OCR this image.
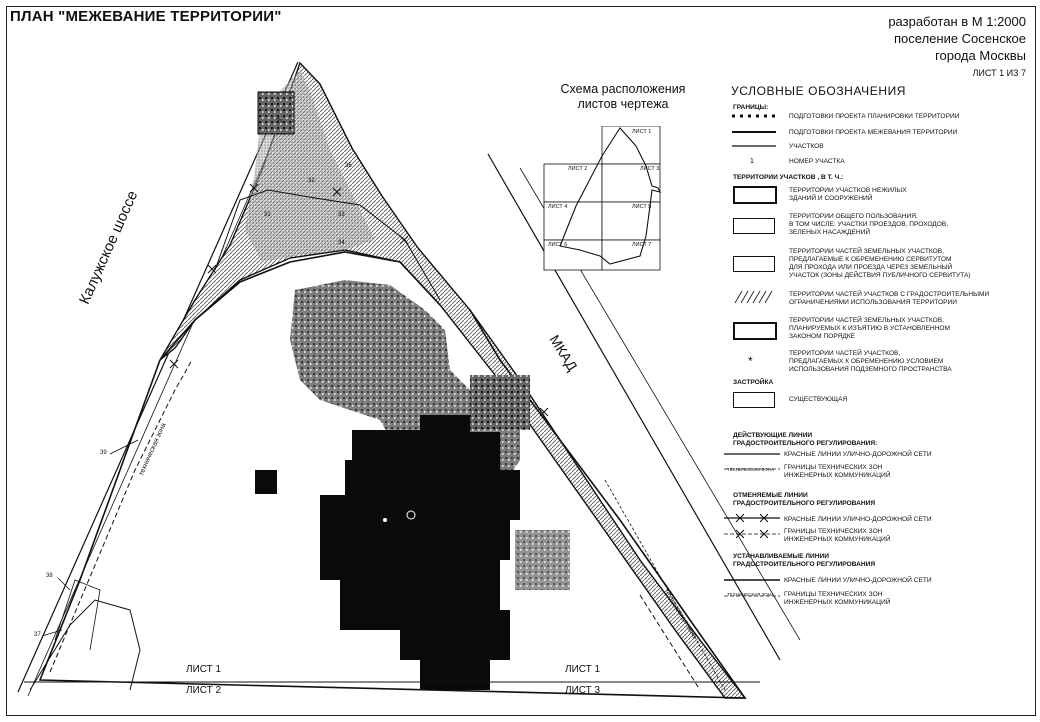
ПЛАН "МЕЖЕВАНИЕ ТЕРРИТОРИИ"	разработан в М 1:2000
поселение Сосенское
города Москвы
ЛИСТ 1 ИЗ 7
Калужское шоссе
МКАД
техническая зона
техническая зона
ЛИСТ 1
ЛИСТ 2
ЛИСТ 1
ЛИСТ 3
31
32
33
34
35
36
37
38
39
Схема расположения
листов чертежа
ЛИСТ 1
ЛИСТ 2	ЛИСТ 3
ЛИСТ 4	ЛИСТ 5
ЛИСТ 6	ЛИСТ 7
УСЛОВНЫЕ ОБОЗНАЧЕНИЯ
ГРАНИЦЫ:
1
ПОДГОТОВКИ ПРОЕКТА ПЛАНИРОВКИ ТЕРРИТОРИИ
ПОДГОТОВКИ ПРОЕКТА МЕЖЕВАНИЯ ТЕРРИТОРИИ
УЧАСТКОВ
НОМЕР УЧАСТКА
ТЕРРИТОРИИ УЧАСТКОВ , В Т. Ч.:
ТЕРРИТОРИИ УЧАСТКОВ НЕЖИЛЫХ
ЗДАНИЙ И СООРУЖЕНИЙ
ТЕРРИТОРИИ ОБЩЕГО ПОЛЬЗОВАНИЯ,
В ТОМ ЧИСЛЕ: УЧАСТКИ ПРОЕЗДОВ, ПРОХОДОВ,
ЗЕЛЕНЫХ НАСАЖДЕНИЙ
ТЕРРИТОРИИ ЧАСТЕЙ ЗЕМЕЛЬНЫХ УЧАСТКОВ,
ПРЕДЛАГАЕМЫЕ К ОБРЕМЕНЕНИЮ СЕРВИТУТОМ
ДЛЯ ПРОХОДА ИЛИ ПРОЕЗДА ЧЕРЕЗ ЗЕМЕЛЬНЫЙ
УЧАСТОК (ЗОНЫ ДЕЙСТВИЯ ПУБЛИЧНОГО СЕРВИТУТА)
ТЕРРИТОРИИ ЧАСТЕЙ УЧАСТКОВ С ГРАДОСТРОИТЕЛЬНЫМИ
ОГРАНИЧЕНИЯМИ ИСПОЛЬЗОВАНИЯ ТЕРРИТОРИИ
ТЕРРИТОРИИ ЧАСТЕЙ ЗЕМЕЛЬНЫХ УЧАСТКОВ,
ПЛАНИРУЕМЫХ К ИЗЪЯТИЮ В УСТАНОВЛЕННОМ
ЗАКОНОМ ПОРЯДКЕ
*
ТЕРРИТОРИИ ЧАСТЕЙ УЧАСТКОВ,
ПРЕДЛАГАЕМЫХ К ОБРЕМЕНЕНИЮ УСЛОВИЕМ
ИСПОЛЬЗОВАНИЯ ПОДЗЕМНОГО ПРОСТРАНСТВА
ЗАСТРОЙКА
СУЩЕСТВУЮЩАЯ
ДЕЙСТВУЮЩИЕ ЛИНИИ
ГРАДОСТРОИТЕЛЬНОГО РЕГУЛИРОВАНИЯ:
ТЕХНИЧЕСКАЯ ЗОНА
КРАСНЫЕ ЛИНИИ УЛИЧНО-ДОРОЖНОЙ СЕТИ
ГРАНИЦЫ ТЕХНИЧЕСКИХ ЗОН
ИНЖЕНЕРНЫХ КОММУНИКАЦИЙ
ОТМЕНЯЕМЫЕ ЛИНИИ
ГРАДОСТРОИТЕЛЬНОГО РЕГУЛИРОВАНИЯ
КРАСНЫЕ ЛИНИИ УЛИЧНО-ДОРОЖНОЙ СЕТИ
ГРАНИЦЫ ТЕХНИЧЕСКИХ ЗОН
ИНЖЕНЕРНЫХ КОММУНИКАЦИЙ
УСТАНАВЛИВАЕМЫЕ ЛИНИИ
ГРАДОСТРОИТЕЛЬНОГО РЕГУЛИРОВАНИЯ
ТЕХНИЧЕСКАЯ ЗОНА
КРАСНЫЕ ЛИНИИ УЛИЧНО-ДОРОЖНОЙ СЕТИ
ГРАНИЦЫ ТЕХНИЧЕСКИХ ЗОН
ИНЖЕНЕРНЫХ КОММУНИКАЦИЙ
